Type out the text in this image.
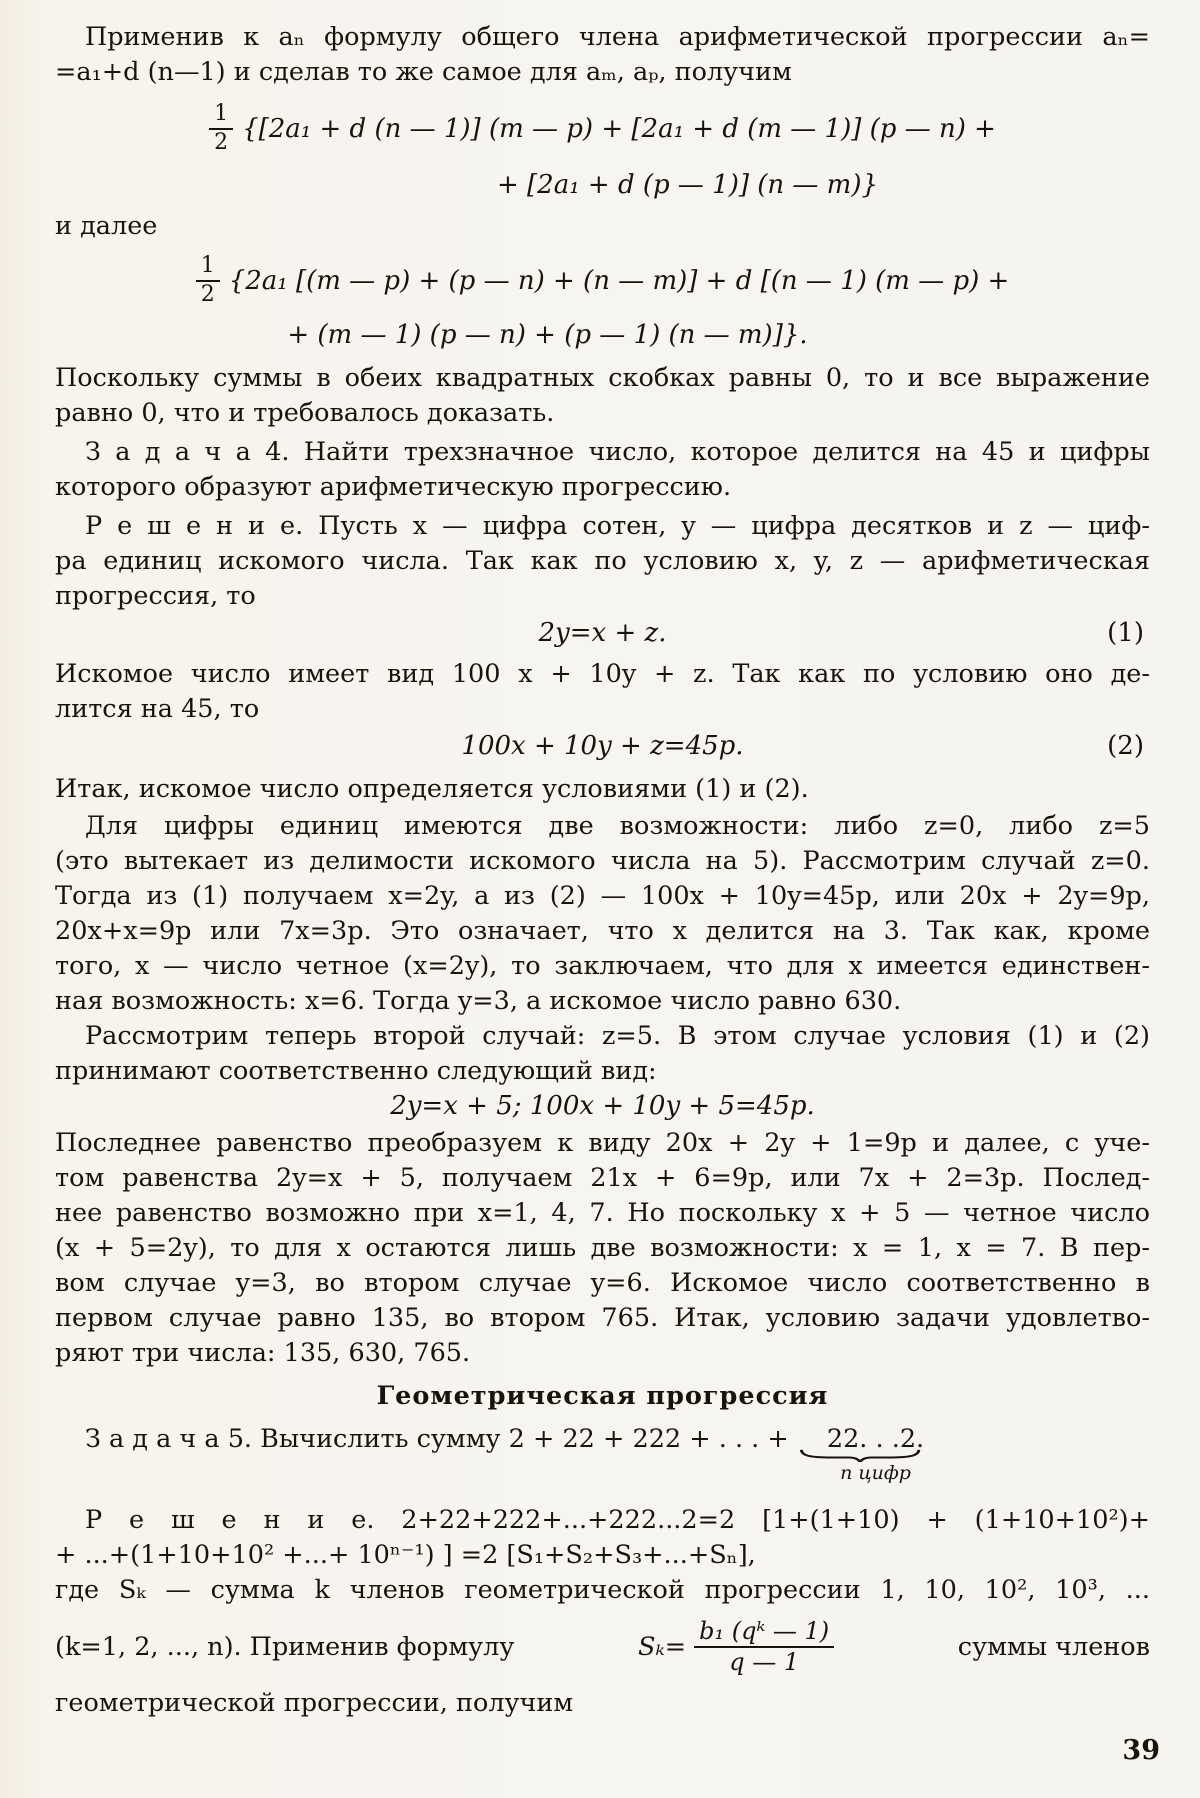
Применив к aₙ формулу общего члена арифметической прогрессии aₙ=
=a₁+d (n—1) и сделав то же самое для aₘ, aₚ, получим
$\frac{1}{2} \{[2a_1 + d$ (n — 1)] (m — p) + [2a₁ + d (m — 1)] (p — n) +
+ [2a₁ + d (p — 1)] (n — m)}
и далее
$\frac{1}{2} \{2a_1$ [(m — p) + (p — n) + (n — m)] + d [(n — 1) (m — p) +
+ (m — 1) (p — n) + (p — 1) (n — m)]}.
Поскольку суммы в обеих квадратных скобках равны 0, то и все выражение
равно 0, что и требовалось доказать.
З а д а ч а 4. Найти трехзначное число, которое делится на 45 и цифры
которого образуют арифметическую прогрессию.
Р е ш е н и е. Пусть x — цифра сотен, y — цифра десятков и z — циф-
ра единиц искомого числа. Так как по условию x, y, z — арифметическая
прогрессия, то
2y=x + z.	(1)
Искомое число имеет вид 100 x + 10y + z. Так как по условию оно де-
лится на 45, то
100x + 10y + z=45p.	(2)
Итак, искомое число определяется условиями (1) и (2).
Для цифры единиц имеются две возможности: либо z=0, либо z=5
(это вытекает из делимости искомого числа на 5). Рассмотрим случай z=0.
Тогда из (1) получаем x=2y, а из (2) — 100x + 10y=45p, или 20x + 2y=9p,
20x+x=9p или 7x=3p. Это означает, что x делится на 3. Так как, кроме
того, x — число четное (x=2y), то заключаем, что для x имеется единствен-
ная возможность: x=6. Тогда y=3, а искомое число равно 630.
Рассмотрим теперь второй случай: z=5. В этом случае условия (1) и (2)
принимают соответственно следующий вид:
2y=x + 5; 100x + 10y + 5=45p.
Последнее равенство преобразуем к виду 20x + 2y + 1=9p и далее, с уче-
том равенства 2y=x + 5, получаем 21x + 6=9p, или 7x + 2=3p. Послед-
нее равенство возможно при x=1, 4, 7. Но поскольку x + 5 — четное число
(x + 5=2y), то для x остаются лишь две возможности: x = 1, x = 7. В пер-
вом случае y=3, во втором случае y=6. Искомое число соответственно в
первом случае равно 135, во втором 765. Итак, условию задачи удовлетво-
ряют три числа: 135, 630, 765.
Геометрическая прогрессия
З а д а ч а 5. Вычислить сумму 2 + 22 + 222 + . . . + 22. . .2.
n цифр
Р е ш е н и е. 2+22+222+...+222...2=2 [1+(1+10) + (1+10+10²)+
+ ...+(1+10+10² +...+ 10ⁿ⁻¹) ] =2 [S₁+S₂+S₃+...+Sₙ],
где Sₖ — сумма k членов геометрической прогрессии 1, 10, 10², 10³, ...
(k=1, 2, ..., n). Применив формулу	$S_k= \frac{\text{b₁ (qᵏ — 1)}}{q — 1}$	суммы членов
геометрической прогрессии, получим
39
